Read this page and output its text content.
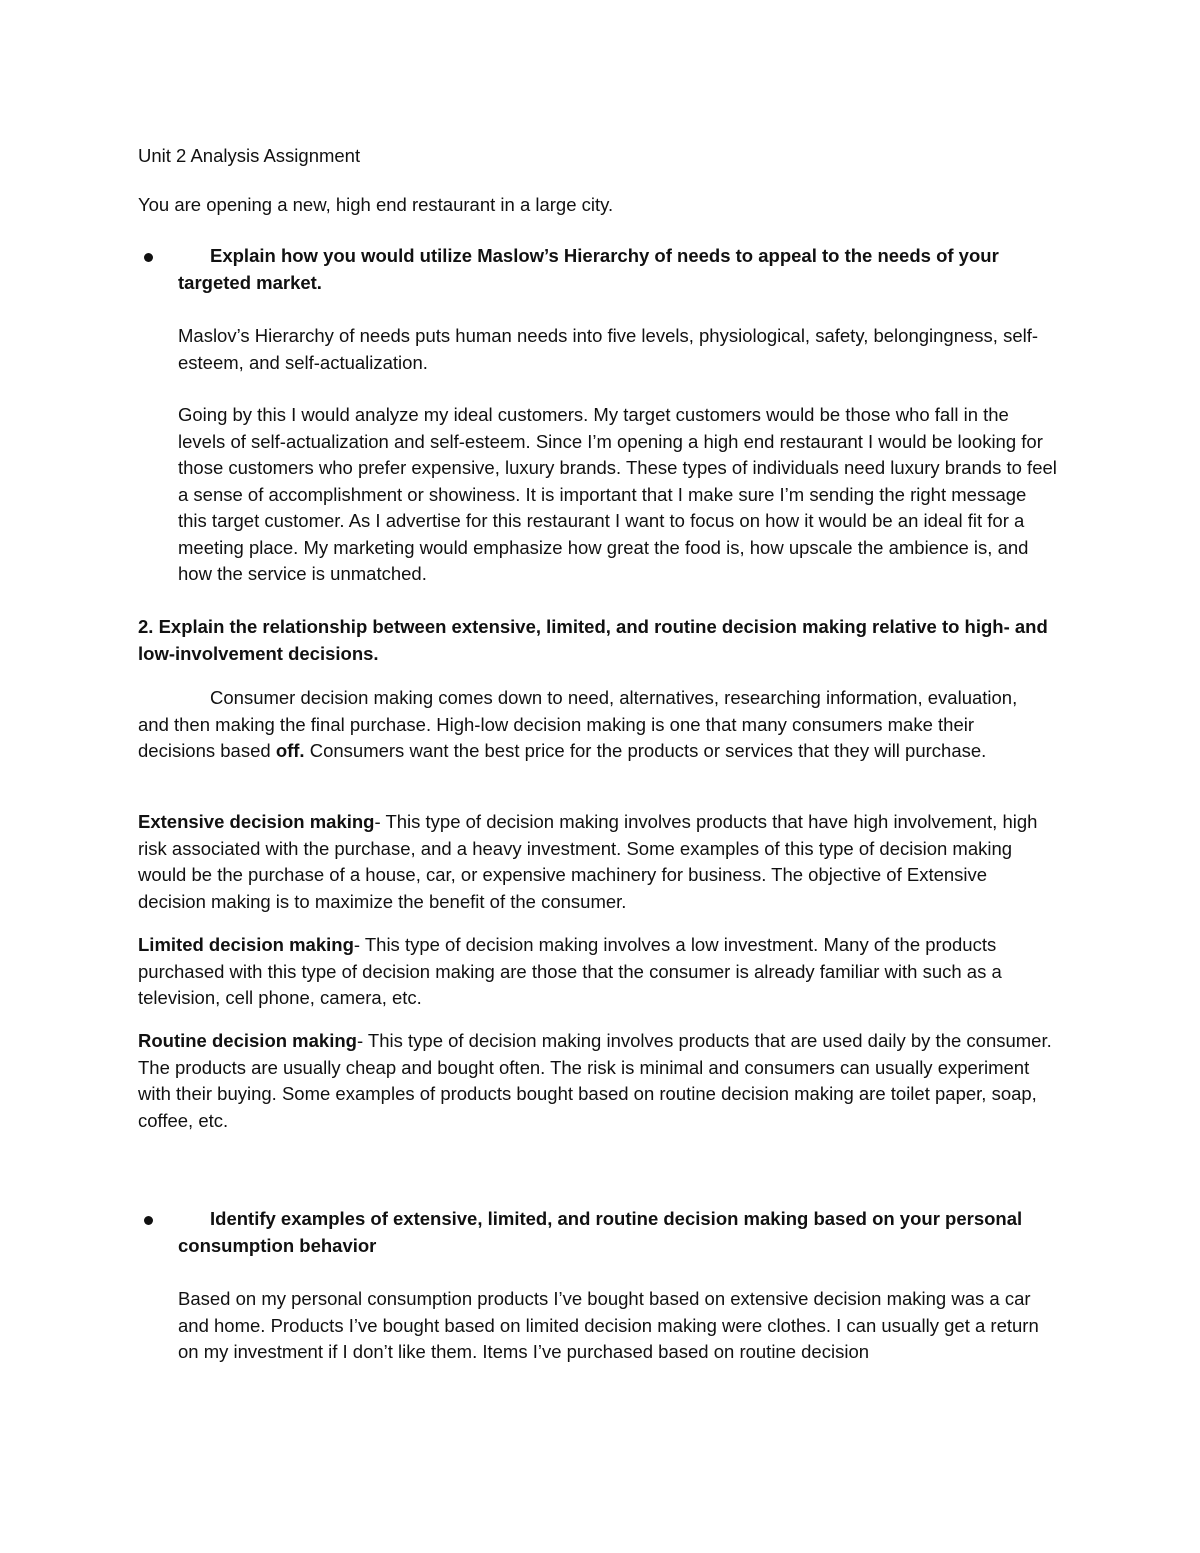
Unit 2 Analysis Assignment

You are opening a new, high end restaurant in a large city.

Explain how you would utilize Maslow’s Hierarchy of needs to appeal to the needs of your targeted market.

Maslov’s Hierarchy of needs puts human needs into five levels, physiological, safety, belongingness, self-esteem, and self-actualization.

Going by this I would analyze my ideal customers. My target customers would be those who fall in the levels of self-actualization and self-esteem. Since I’m opening a high end restaurant I would be looking for those customers who prefer expensive, luxury brands. These types of individuals need luxury brands to feel a sense of accomplishment or showiness. It is important that I make sure I’m sending the right message this target customer. As I advertise for this restaurant I want to focus on how it would be an ideal fit for a meeting place. My marketing would emphasize how great the food is, how upscale the ambience is, and how the service is unmatched.

2. Explain the relationship between extensive, limited, and routine decision making relative to high- and low-involvement decisions.

Consumer decision making comes down to need, alternatives, researching information, evaluation, and then making the final purchase. High-low decision making is one that many consumers make their decisions based off. Consumers want the best price for the products or services that they will purchase.

Extensive decision making- This type of decision making involves products that have high involvement, high risk associated with the purchase, and a heavy investment. Some examples of this type of decision making would be the purchase of a house, car, or expensive machinery for business. The objective of Extensive decision making is to maximize the benefit of the consumer.

Limited decision making- This type of decision making involves a low investment. Many of the products purchased with this type of decision making are those that the consumer is already familiar with such as a television, cell phone, camera, etc.

Routine decision making- This type of decision making involves products that are used daily by the consumer. The products are usually cheap and bought often. The risk is minimal and consumers can usually experiment with their buying. Some examples of products bought based on routine decision making are toilet paper, soap, coffee, etc.

Identify examples of extensive, limited, and routine decision making based on your personal consumption behavior

Based on my personal consumption products I’ve bought based on extensive decision making was a car and home. Products I’ve bought based on limited decision making were clothes. I can usually get a return on my investment if I don’t like them. Items I’ve purchased based on routine decision
